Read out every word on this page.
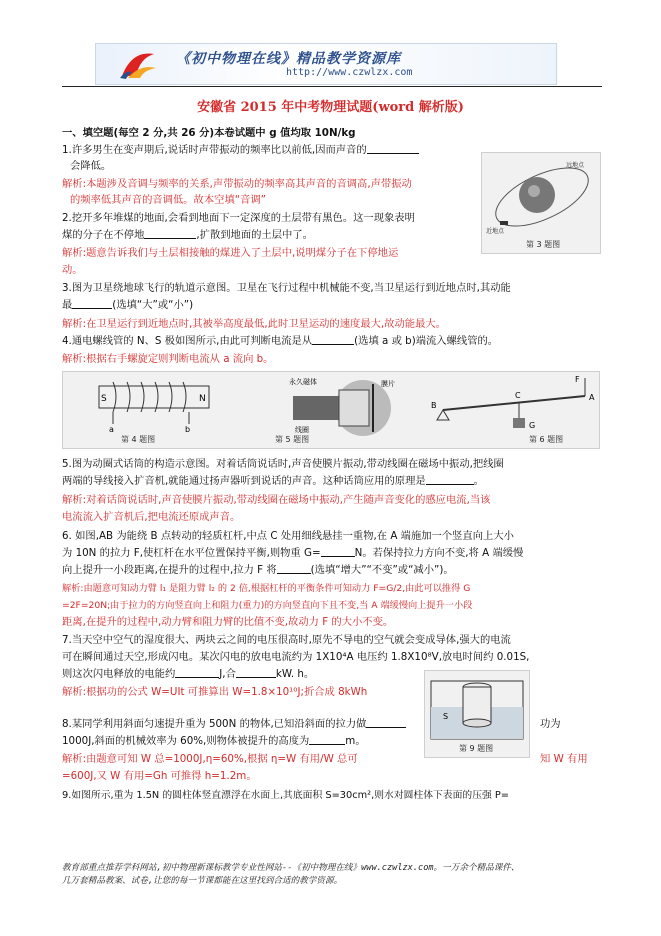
《初中物理在线》精品教学资源库
http://www.czwlzx.com
安徽省 2015 年中考物理试题(word 解析版)
一、填空题(每空 2 分,共 26 分)本卷试题中 g 值均取 10N/kg
1.许多男生在变声期后,说话时声带振动的频率比以前低,因而声音的
会降低。
解析:本题涉及音调与频率的关系,声带振动的频率高其声音的音调高,声带振动
的频率低其声音的音调低。故本空填“音调”
近地点
远地点
第 3 题图
2.挖开多年堆煤的地面,会看到地面下一定深度的土层带有黑色。这一现象表明
煤的分子在不停地	,扩散到地面的土层中了。
解析:题意告诉我们与土层相接触的煤进入了土层中,说明煤分子在下停地运
动。
3.图为卫星绕地球飞行的轨道示意图。卫星在飞行过程中机械能不变,当卫星运行到近地点时,其动能
最	(选填“大”或“小”)
解析:在卫星运行到近地点时,其被举高度最低,此时卫星运动的速度最大,故动能最大。
4.通电螺线管的 N、S 极如图所示,由此可判断电流是从	(选填 a 或 b)端流入螺线管的。
解析:根据右手螺旋定则判断电流从 a 流向 b。
S	N
a	b
永久磁体
线圈
膜片
B
C	A
F
G
第 4 题图	第 5 题图	第 6 题图
5.图为动圈式话筒的构造示意图。对着话筒说话时,声音使膜片振动,带动线圈在磁场中振动,把线圈
两端的导线接入扩音机,就能通过扬声器听到说话的声音。这种话筒应用的原理是	。
解析:对着话筒说话时,声音使膜片振动,带动线圈在磁场中振动,产生随声音变化的感应电流,当该
电流流入扩音机后,把电流还原成声音。
6. 如图,AB 为能绕 B 点转动的轻质杠杆,中点 C 处用细线悬挂一重物,在 A 端施加一个竖直向上大小
为 10N 的拉力 F,使杠杆在水平位置保持平衡,则物重 G=	N。若保持拉力方向不变,将 A 端缓慢
向上提升一小段距离,在提升的过程中,拉力 F 将	(选填“增大”“不变”或“减小”)。
解析:由题意可知动力臂 l₁ 是阻力臂 l₂ 的 2 倍,根据杠杆的平衡条件可知动力 F=G/2,由此可以推得 G
=2F=20N;由于拉力的方向竖直向上和阻力(重力)的方向竖直向下且不变,当 A 端缓慢向上提升一小段
距离,在提升的过程中,动力臂和阻力臂的比值不变,故动力 F 的大小不变。
7.当天空中空气的湿度很大、两块云之间的电压很高时,原先不导电的空气就会变成导体,强大的电流
可在瞬间通过天空,形成闪电。某次闪电的放电电流约为 1X10⁴A 电压约 1.8X10⁸V,放电时间约 0.01S,
则这次闪电释放的电能约	J,合	kW. h。
解析:根据功的公式 W=UIt 可推算出 W=1.8×10¹⁰J;折合成 8kWh
S
第 9 题图
8.某同学利用斜面匀速提升重为 500N 的物体,已知沿斜面的拉力做	功为
1000J,斜面的机械效率为 60%,则物体被提升的高度为	m。
解析:由题意可知 W 总=1000J,η=60%,根据 η=W 有用/W 总可	知 W 有用
=600J,又 W 有用=Gh 可推得 h=1.2m。
9.如图所示,重为 1.5N 的圆柱体竖直漂浮在水面上,其底面积 S=30cm²,则水对圆柱体下表面的压强 P=
教育部重点推荐学科网站,初中物理新课标教学专业性网站--《初中物理在线》www.czwlzx.com。一万余个精品课件、
几万套精品教案、试卷,让您的每一节课都能在这里找到合适的教学资源。
